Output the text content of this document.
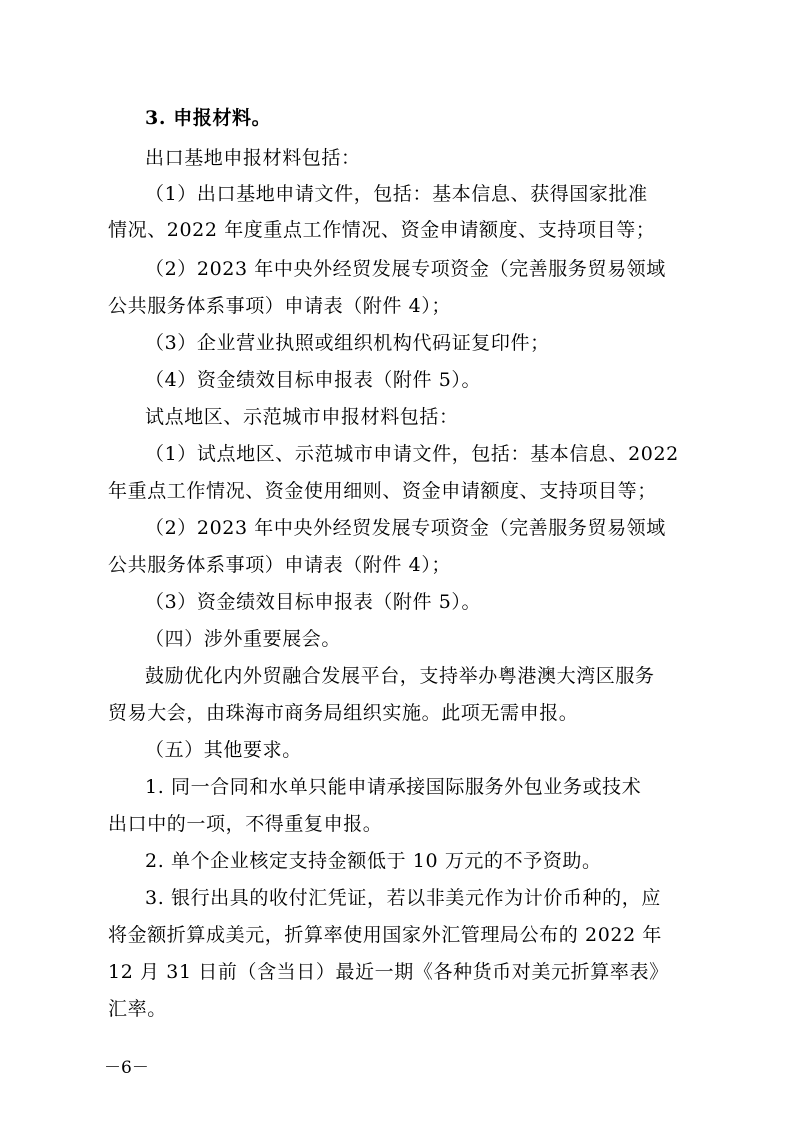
3. 申报材料。
出口基地申报材料包括：
（1）出口基地申请文件，包括：基本信息、获得国家批准
情况、2022 年度重点工作情况、资金申请额度、支持项目等；
（2）2023 年中央外经贸发展专项资金（完善服务贸易领域
公共服务体系事项）申请表（附件 4）；
（3）企业营业执照或组织机构代码证复印件；
（4）资金绩效目标申报表（附件 5）。
试点地区、示范城市申报材料包括：
（1）试点地区、示范城市申请文件，包括：基本信息、2022
年重点工作情况、资金使用细则、资金申请额度、支持项目等；
（2）2023 年中央外经贸发展专项资金（完善服务贸易领域
公共服务体系事项）申请表（附件 4）；
（3）资金绩效目标申报表（附件 5）。
（四）涉外重要展会。
鼓励优化内外贸融合发展平台，支持举办粤港澳大湾区服务
贸易大会，由珠海市商务局组织实施。此项无需申报。
（五）其他要求。
1. 同一合同和水单只能申请承接国际服务外包业务或技术
出口中的一项，不得重复申报。
2. 单个企业核定支持金额低于 10 万元的不予资助。
3. 银行出具的收付汇凭证，若以非美元作为计价币种的，应
将金额折算成美元，折算率使用国家外汇管理局公布的 2022 年
12 月 31 日前（含当日）最近一期《各种货币对美元折算率表》
汇率。
－6－
